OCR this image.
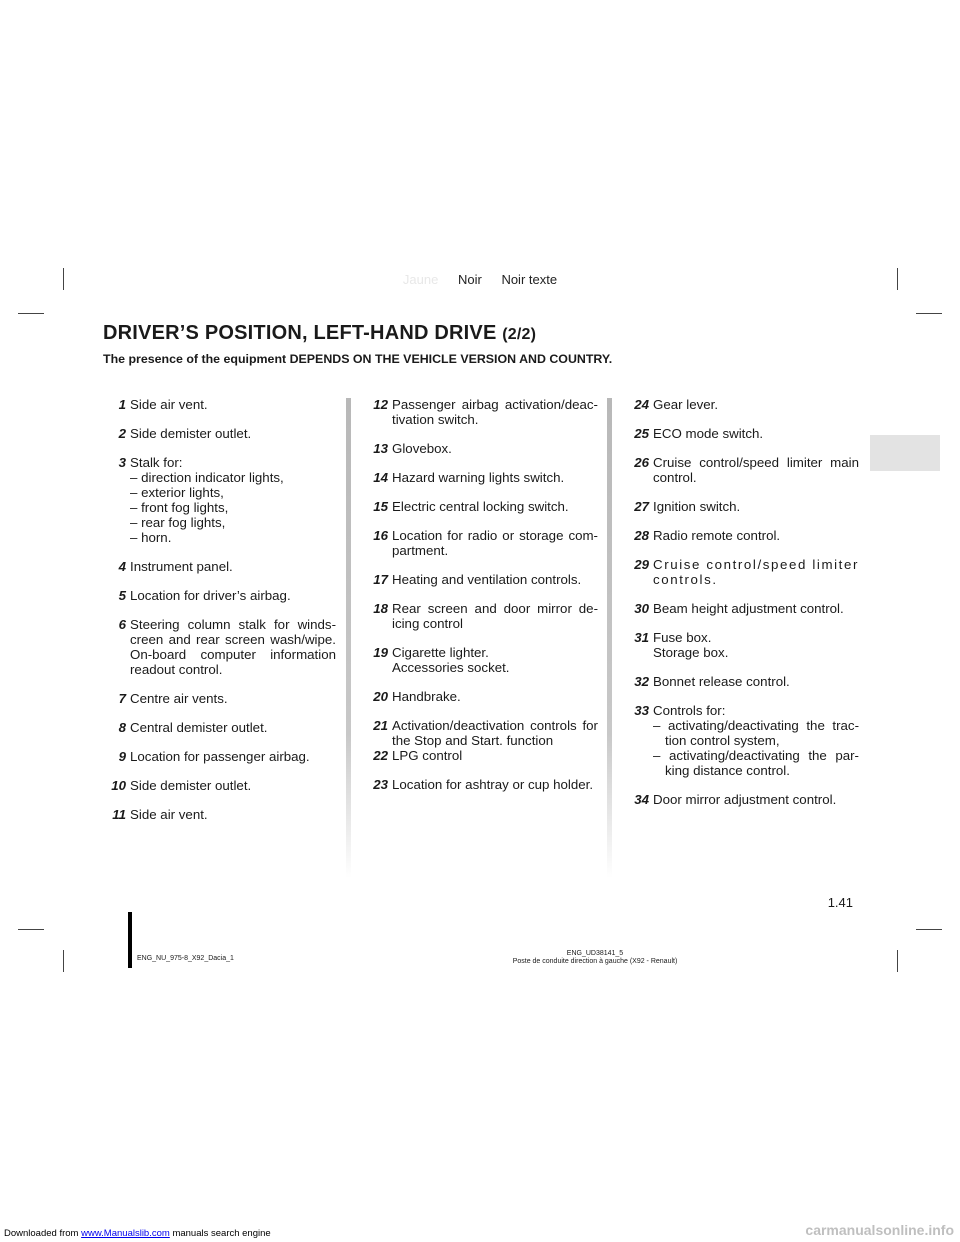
Jaune Noir Noir texte
DRIVER’S POSITION, LEFT-HAND DRIVE (2/2)
The presence of the equipment DEPENDS ON THE VEHICLE VERSION AND COUNTRY.
1 Side air vent.
2 Side demister outlet.
3 Stalk for:
– direction indicator lights,
– exterior lights,
– front fog lights,
– rear fog lights,
– horn.
4 Instrument panel.
5 Location for driver’s airbag.
6 Steering column stalk for winds-creen and rear screen wash/wipe. On-board computer information readout control.
7 Centre air vents.
8 Central demister outlet.
9 Location for passenger airbag.
10 Side demister outlet.
11 Side air vent.
12 Passenger airbag activation/deac-tivation switch.
13 Glovebox.
14 Hazard warning lights switch.
15 Electric central locking switch.
16 Location for radio or storage com-partment.
17 Heating and ventilation controls.
18 Rear screen and door mirror de-icing control
19 Cigarette lighter.
Accessories socket.
20 Handbrake.
21 Activation/deactivation controls for the Stop and Start. function
22 LPG control
23 Location for ashtray or cup holder.
24 Gear lever.
25 ECO mode switch.
26 Cruise control/speed limiter main control.
27 Ignition switch.
28 Radio remote control.
29 Cruise control/speed limiter controls.
30 Beam height adjustment control.
31 Fuse box.
Storage box.
32 Bonnet release control.
33 Controls for:
– activating/deactivating the trac-tion control system,
– activating/deactivating the par-king distance control.
34 Door mirror adjustment control.
1.41
ENG_NU_975-8_X92_Dacia_1
ENG_UD38141_5
Poste de conduite direction à gauche (X92 - Renault)
Downloaded from www.Manualslib.com manuals search engine	carmanualsonline.info
